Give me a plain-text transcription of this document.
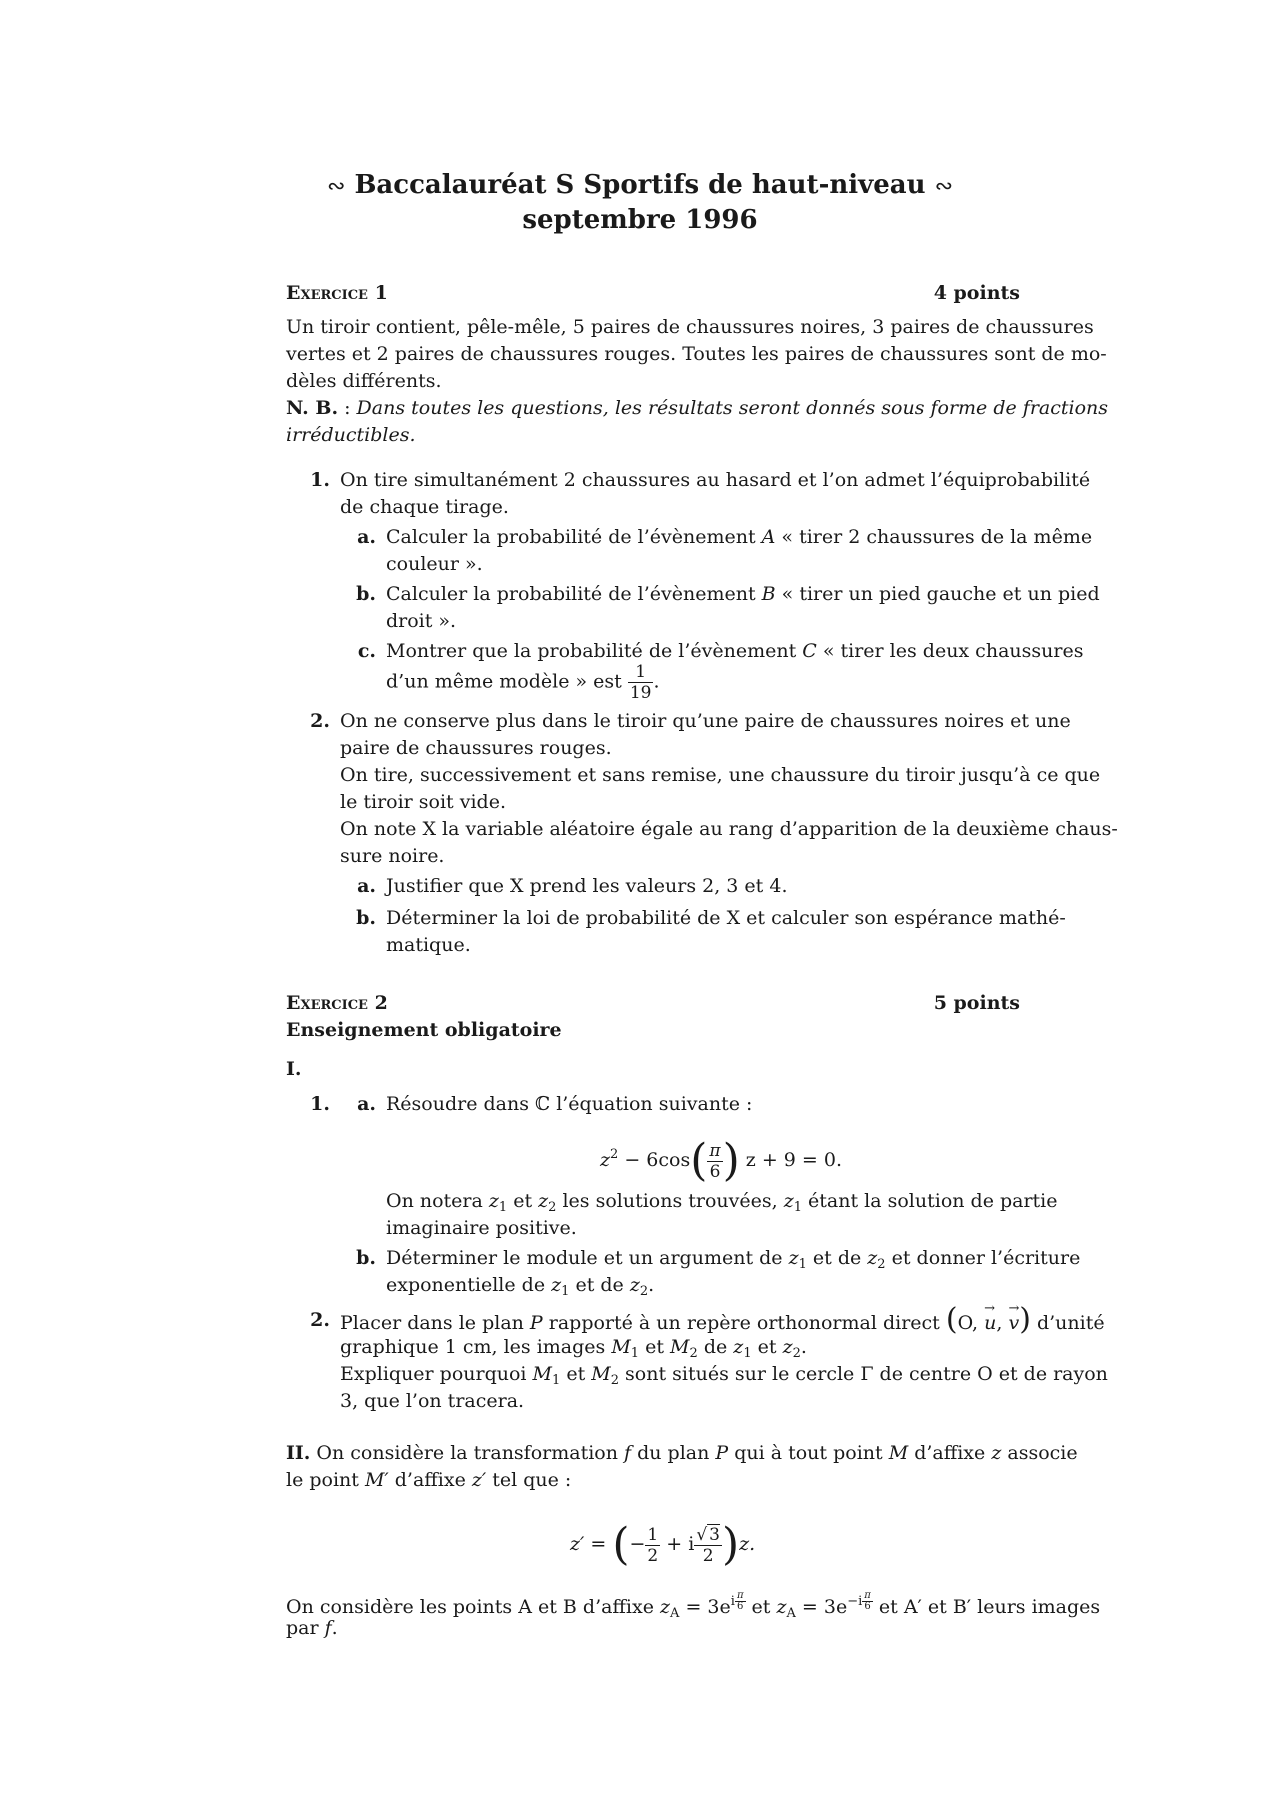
∾ Baccalauréat S Sportifs de haut-niveau ∾
septembre 1996
Exercice 1	4 points
Un tiroir contient, pêle-mêle, 5 paires de chaussures noires, 3 paires de chaussures
vertes et 2 paires de chaussures rouges. Toutes les paires de chaussures sont de mo-
dèles différents.
N. B. : Dans toutes les questions, les résultats seront donnés sous forme de fractions
irréductibles.
1. On tire simultanément 2 chaussures au hasard et l’on admet l’équiprobabilité
de chaque tirage.
a. Calculer la probabilité de l’évènement A « tirer 2 chaussures de la même
couleur ».
b. Calculer la probabilité de l’évènement B « tirer un pied gauche et un pied
droit ».
c. Montrer que la probabilité de l’évènement C « tirer les deux chaussures
d’un même modèle » est $\frac{1}{19}$ .
2. On ne conserve plus dans le tiroir qu’une paire de chaussures noires et une
paire de chaussures rouges.
On tire, successivement et sans remise, une chaussure du tiroir jusqu’à ce que
le tiroir soit vide.
On note X la variable aléatoire égale au rang d’apparition de la deuxième chaus-
sure noire.
a. Justifier que X prend les valeurs 2, 3 et 4.
b. Déterminer la loi de probabilité de X et calculer son espérance mathé-
matique.
Exercice 2	5 points
Enseignement obligatoire
I.
1.	a. Résoudre dans ℂ l’équation suivante :
$z^2 - 6\cos( \frac{\pi}{6}$ ) z + 9 = 0.
On notera $z_1$ et $z_2$ les solutions trouvées, $z_1$ étant la solution de partie
imaginaire positive.
b. Déterminer le module et un argument de $z_1$ et de $z_2$ et donner l’écriture
exponentielle de $z_1$ et de $z_2$.
2. Placer dans le plan P rapporté à un repère orthonormal direct (O, → u, → v) d’unité
graphique 1 cm, les images $M_1$ et $M_2$ de $z_1$ et $z_2$.
Expliquer pourquoi $M_1$ et $M_2$ sont situés sur le cercle Γ de centre O et de rayon
3, que l’on tracera.
II. On considère la transformation f du plan P qui à tout point M d’affixe z associe
le point M′ d’affixe z′ tel que :
z′ = (− $\frac{1}{2} + i \frac{√ 3}{2} )z$.
On considère les points A et B d’affixe $z_A = 3e^{i \frac{\pi}{6}}$ et $z_A = 3e^{-i \frac{\pi}{6}}$ et A′ et B′ leurs images
par f.
